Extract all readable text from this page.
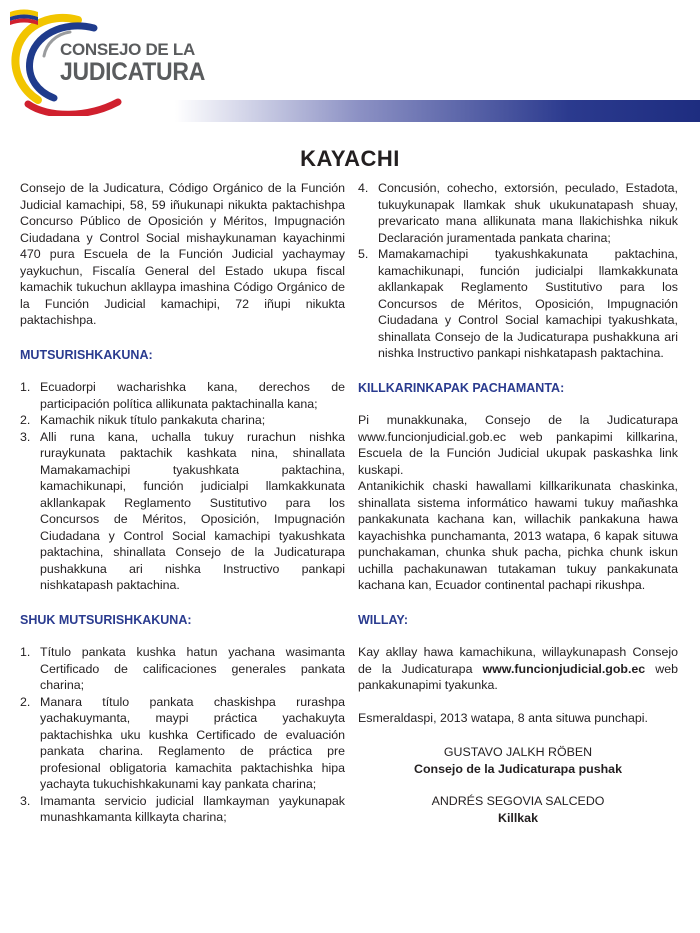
CONSEJO DE LA
JUDICATURA
KAYACHI

Consejo de la Judicatura, Código Orgánico de la Función Judicial kamachipi, 58, 59 iñukunapi nikukta paktachishpa Concurso Público de Oposición y Méritos, Impugnación Ciudadana y Control Social mishaykunaman kayachinmi 470 pura Escuela de la Función Judicial yachaymay yaykuchun, Fiscalía General del Estado ukupa fiscal kamachik tukuchun akllaypa imashina Código Orgánico de la Función Judicial kamachipi, 72 iñupi nikukta paktachishpa.

MUTSURISHKAKUNA:
1. Ecuadorpi wacharishka kana, derechos de participación política allikunata paktachinalla kana;
2. Kamachik nikuk título pankakuta charina;
3. Alli runa kana, uchalla tukuy rurachun nishka ruraykunata paktachik kashkata nina, shinallata Mamakamachipi tyakushkata paktachina, kamachikunapi, función judicialpi llamkakkunata akllankapak Reglamento Sustitutivo para los Concursos de Méritos, Oposición, Impugnación Ciudadana y Control Social kamachipi tyakushkata paktachina, shinallata Consejo de la Judicaturapa pushakkuna ari nishka Instructivo pankapi nishkatapash paktachina.
SHUK MUTSURISHKAKUNA:
1. Título pankata kushka hatun yachana wasimanta Certificado de calificaciones generales pankata charina;
2. Manara título pankata chaskishpa rurashpa yachakuymanta, maypi práctica yachakuyta paktachishka uku kushka Certificado de evaluación pankata charina. Reglamento de práctica pre profesional obligatoria kamachita paktachishka hipa yachayta tukuchishkakunami kay pankata charina;
3. Imamanta servicio judicial llamkayman yaykunapak munashkamanta killkayta charina;
4. Concusión, cohecho, extorsión, peculado, Estadota, tukuykunapak llamkak shuk ukukunatapash shuay, prevaricato mana allikunata mana llakichishka nikuk Declaración juramentada pankata charina;
5. Mamakamachipi tyakushkakunata paktachina, kamachikunapi, función judicialpi llamkakkunata akllankapak Reglamento Sustitutivo para los Concursos de Méritos, Oposición, Impugnación Ciudadana y Control Social kamachipi tyakushkata, shinallata Consejo de la Judicaturapa pushakkuna ari nishka Instructivo pankapi nishkatapash paktachina.
KILLKARINKAPAK PACHAMANTA:

Pi munakkunaka, Consejo de la Judicaturapa www.funcionjudicial.gob.ec web pankapimi killkarina, Escuela de la Función Judicial ukupak paskashka link kuskapi.

Antanikichik chaski hawallami killkarikunata chaskinka, shinallata sistema informático hawami tukuy mañashka pankakunata kachana kan, willachik pankakuna hawa kayachishka punchamanta, 2013 watapa, 6 kapak situwa punchakaman, chunka shuk pacha, pichka chunk iskun uchilla pachakunawan tutakaman tukuy pankakunata kachana kan, Ecuador continental pachapi rikushpa.

WILLAY:

Kay akllay hawa kamachikuna, willaykunapash Consejo de la Judicaturapa www.funcionjudicial.gob.ec web pankakunapimi tyakunka.

Esmeraldaspi, 2013 watapa, 8 anta situwa punchapi.

GUSTAVO JALKH RÖBEN
Consejo de la Judicaturapa pushak
ANDRÉS SEGOVIA SALCEDO
Killkak
